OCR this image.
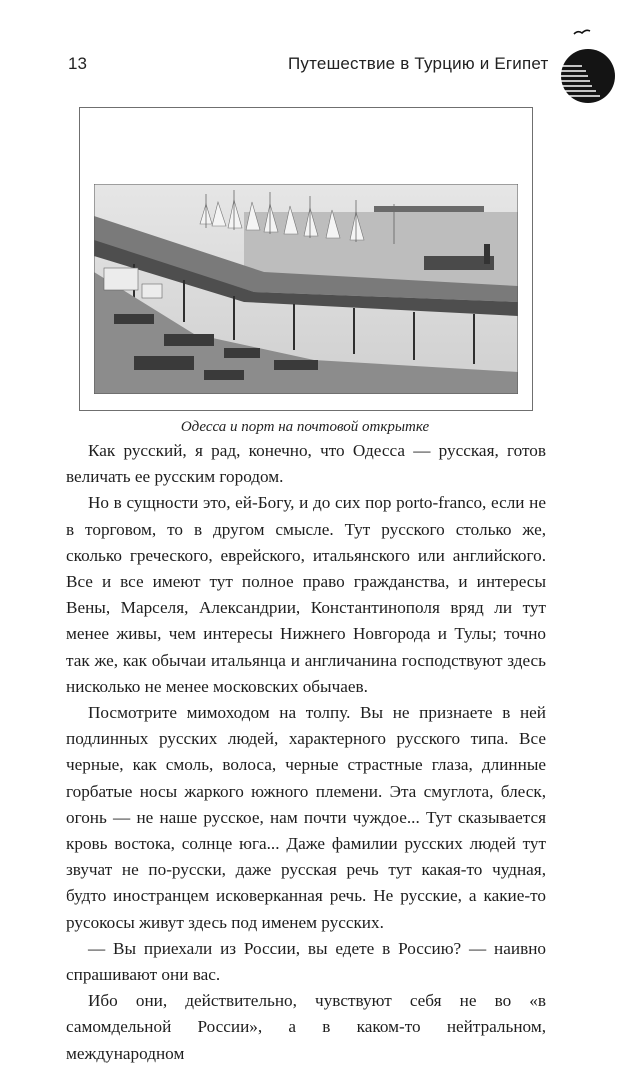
13	Путешествие в Турцию и Египет
Одесса и порт на почтовой открытке

Как русский, я рад, конечно, что Одесса — русская, готов величать ее русским городом.

Но в сущности это, ей-Богу, и до сих пор porto-franco, если не в торговом, то в другом смысле. Тут русского столько же, сколько греческого, еврейского, итальянского или английского. Все и все имеют тут полное право гражданства, и интересы Вены, Марселя, Александрии, Константинополя вряд ли тут менее живы, чем интересы Нижнего Новгорода и Тулы; точно так же, как обычаи итальянца и англичанина господствуют здесь нисколько не менее московских обычаев.

Посмотрите мимоходом на толпу. Вы не признаете в ней подлинных русских людей, характерного русского типа. Все черные, как смоль, волоса, черные страстные глаза, длинные горбатые носы жаркого южного племени. Эта смуглота, блеск, огонь — не наше русское, нам почти чуждое... Тут сказывается кровь востока, солнце юга... Даже фамилии русских людей тут звучат не по-русски, даже русская речь тут какая-то чудная, будто иностранцем исковерканная речь. Не русские, а какие-то русокосы живут здесь под именем русских.

— Вы приехали из России, вы едете в Россию? — наивно спрашивают они вас.

Ибо они, действительно, чувствуют себя не во «в самомдельной России», а в каком-то нейтральном, международном
